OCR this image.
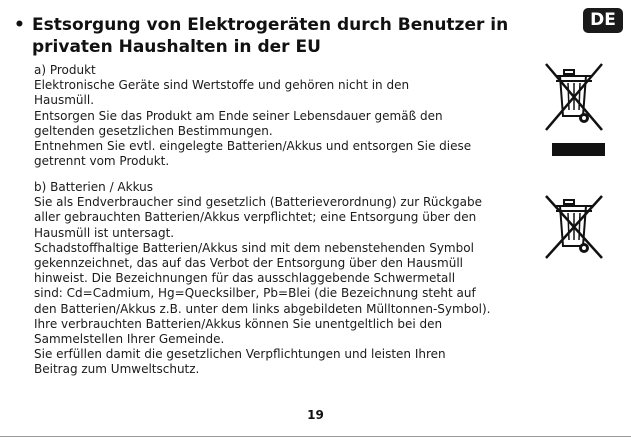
• Estsorgung von Elektrogeräten durch Benutzer in privaten Haushalten in der EU
DE
a) Produkt
Elektronische Geräte sind Wertstoffe und gehören nicht in den
Hausmüll.
Entsorgen Sie das Produkt am Ende seiner Lebensdauer gemäß den
geltenden gesetzlichen Bestimmungen.
Entnehmen Sie evtl. eingelegte Batterien/Akkus und entsorgen Sie diese
getrennt vom Produkt.
b) Batterien / Akkus
Sie als Endverbraucher sind gesetzlich (Batterieverordnung) zur Rückgabe
aller gebrauchten Batterien/Akkus verpflichtet; eine Entsorgung über den
Hausmüll ist untersagt.
Schadstoffhaltige Batterien/Akkus sind mit dem nebenstehenden Symbol
gekennzeichnet, das auf das Verbot der Entsorgung über den Hausmüll
hinweist. Die Bezeichnungen für das ausschlaggebende Schwermetall
sind: Cd=Cadmium, Hg=Quecksilber, Pb=Blei (die Bezeichnung steht auf
den Batterien/Akkus z.B. unter dem links abgebildeten Mülltonnen-Symbol).
Ihre verbrauchten Batterien/Akkus können Sie unentgeltlich bei den
Sammelstellen Ihrer Gemeinde.
Sie erfüllen damit die gesetzlichen Verpflichtungen und leisten Ihren
Beitrag zum Umweltschutz.
19
